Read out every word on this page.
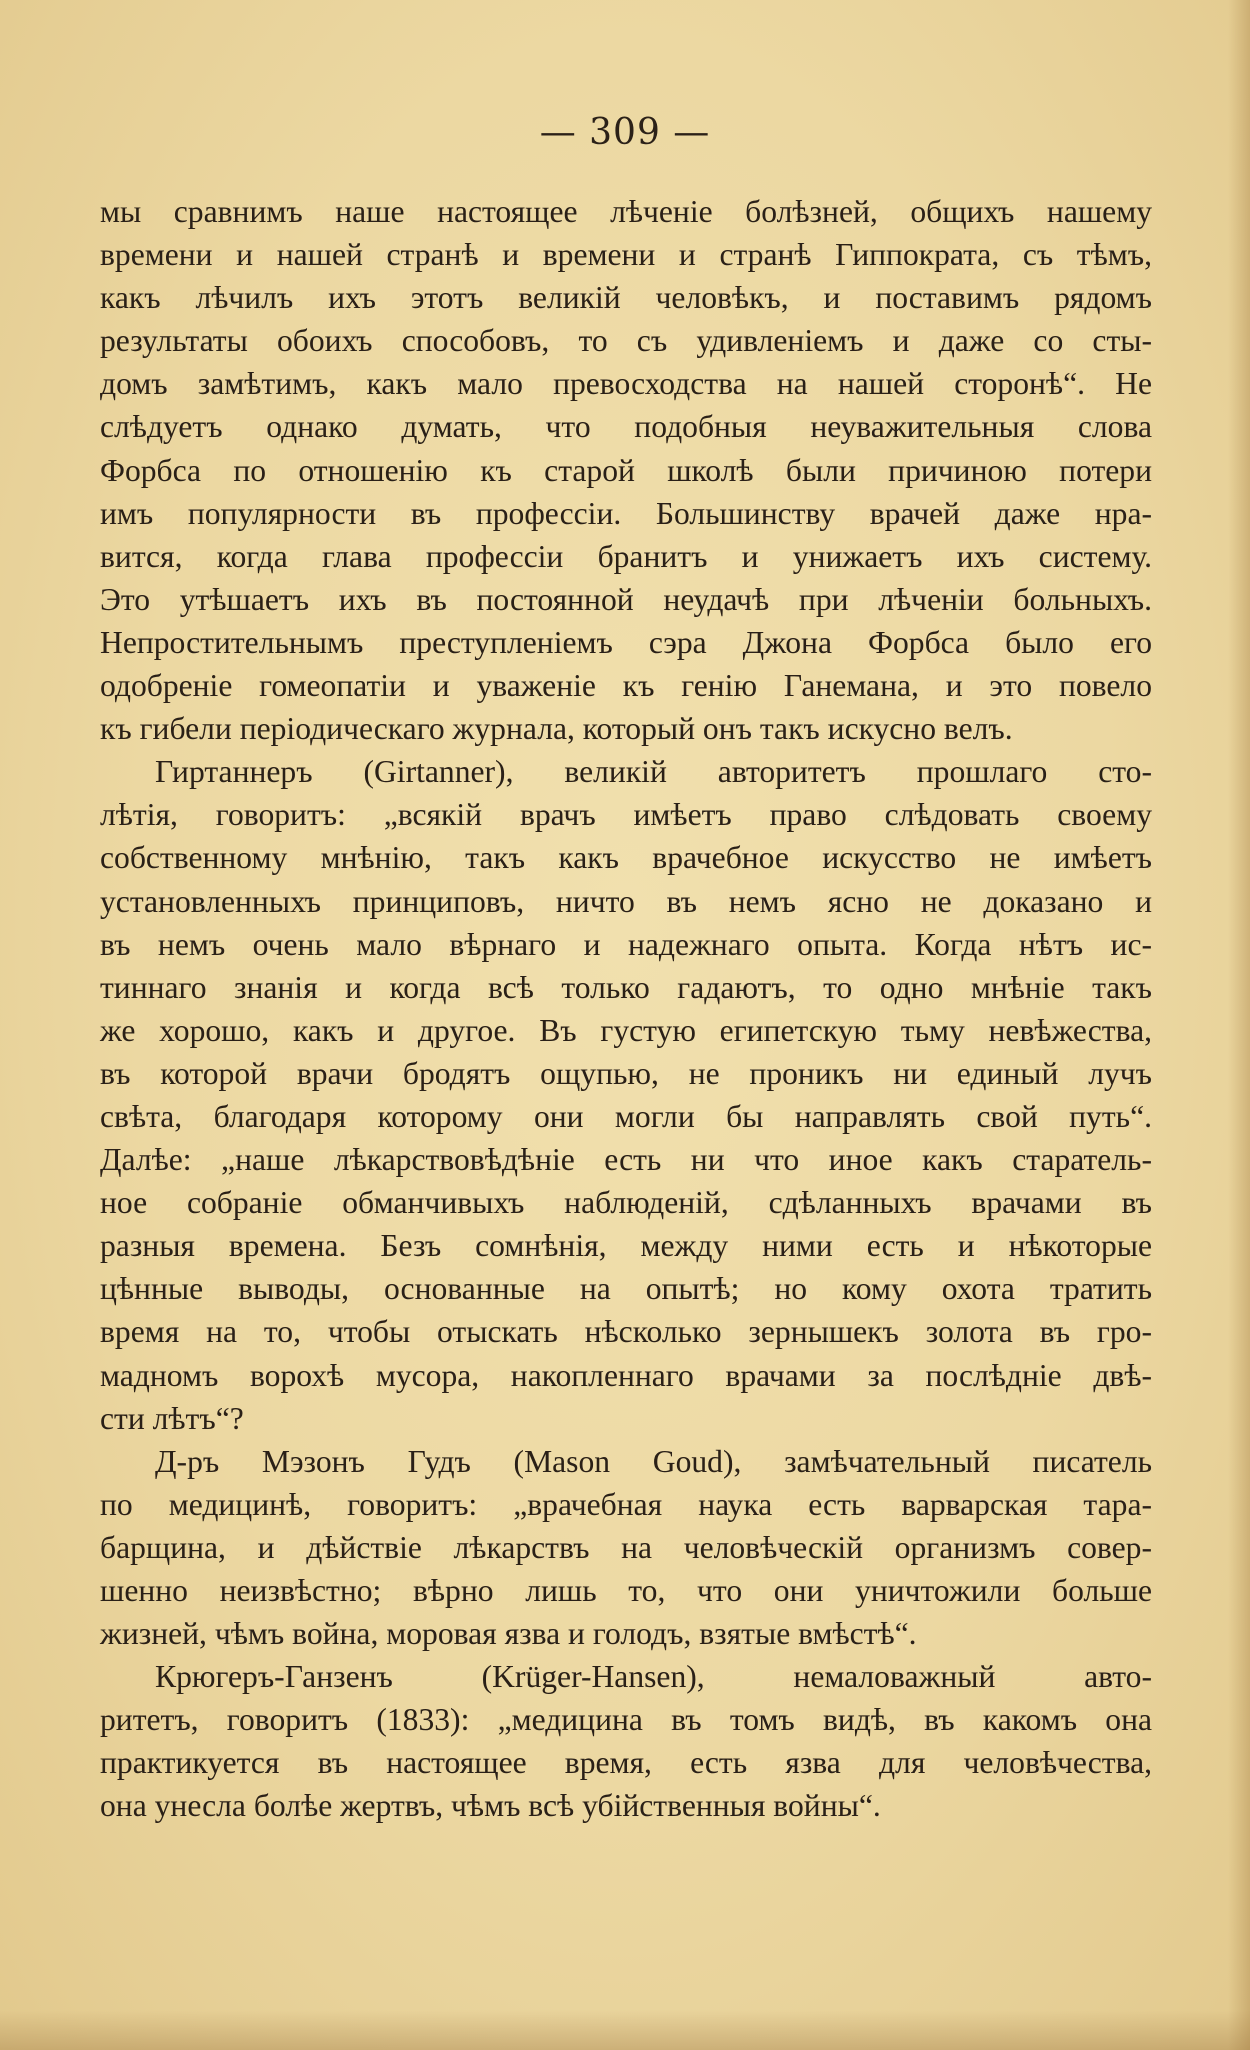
— 309 —
мы сравнимъ наше настоящее лѣченіе болѣзней, общихъ нашему
времени и нашей странѣ и времени и странѣ Гиппократа, съ тѣмъ,
какъ лѣчилъ ихъ этотъ великій человѣкъ, и поставимъ рядомъ
результаты обоихъ способовъ, то съ удивленіемъ и даже со сты-
домъ замѣтимъ, какъ мало превосходства на нашей сторонѣ“. Не
слѣдуетъ однако думать, что подобныя неуважительныя слова
Форбса по отношенію къ старой школѣ были причиною потери
имъ популярности въ профессіи. Большинству врачей даже нра-
вится, когда глава профессіи бранитъ и унижаетъ ихъ систему.
Это утѣшаетъ ихъ въ постоянной неудачѣ при лѣченіи больныхъ.
Непростительнымъ преступленіемъ сэра Джона Форбса было его
одобреніе гомеопатіи и уваженіе къ генію Ганемана, и это повело
къ гибели періодическаго журнала, который онъ такъ искусно велъ.
Гиртаннеръ (Girtanner), великій авторитетъ прошлаго сто-
лѣтія, говоритъ: „всякій врачъ имѣетъ право слѣдовать своему
собственному мнѣнію, такъ какъ врачебное искусство не имѣетъ
установленныхъ принциповъ, ничто въ немъ ясно не доказано и
въ немъ очень мало вѣрнаго и надежнаго опыта. Когда нѣтъ ис-
тиннаго знанія и когда всѣ только гадаютъ, то одно мнѣніе такъ
же хорошо, какъ и другое. Въ густую египетскую тьму невѣжества,
въ которой врачи бродятъ ощупью, не проникъ ни единый лучъ
свѣта, благодаря которому они могли бы направлять свой путь“.
Далѣе: „наше лѣкарствовѣдѣніе есть ни что иное какъ старатель-
ное собраніе обманчивыхъ наблюденій, сдѣланныхъ врачами въ
разныя времена. Безъ сомнѣнія, между ними есть и нѣкоторые
цѣнные выводы, основанные на опытѣ; но кому охота тратить
время на то, чтобы отыскать нѣсколько зернышекъ золота въ гро-
мадномъ ворохѣ мусора, накопленнаго врачами за послѣдніе двѣ-
сти лѣтъ“?
Д-ръ Мэзонъ Гудъ (Mason Goud), замѣчательный писатель
по медицинѣ, говоритъ: „врачебная наука есть варварская тара-
барщина, и дѣйствіе лѣкарствъ на человѣческій организмъ совер-
шенно неизвѣстно; вѣрно лишь то, что они уничтожили больше
жизней, чѣмъ война, моровая язва и голодъ, взятые вмѣстѣ“.
Крюгеръ-Ганзенъ (Krüger-Hansen), немаловажный авто-
ритетъ, говоритъ (1833): „медицина въ томъ видѣ, въ какомъ она
практикуется въ настоящее время, есть язва для человѣчества,
она унесла болѣе жертвъ, чѣмъ всѣ убійственныя войны“.
